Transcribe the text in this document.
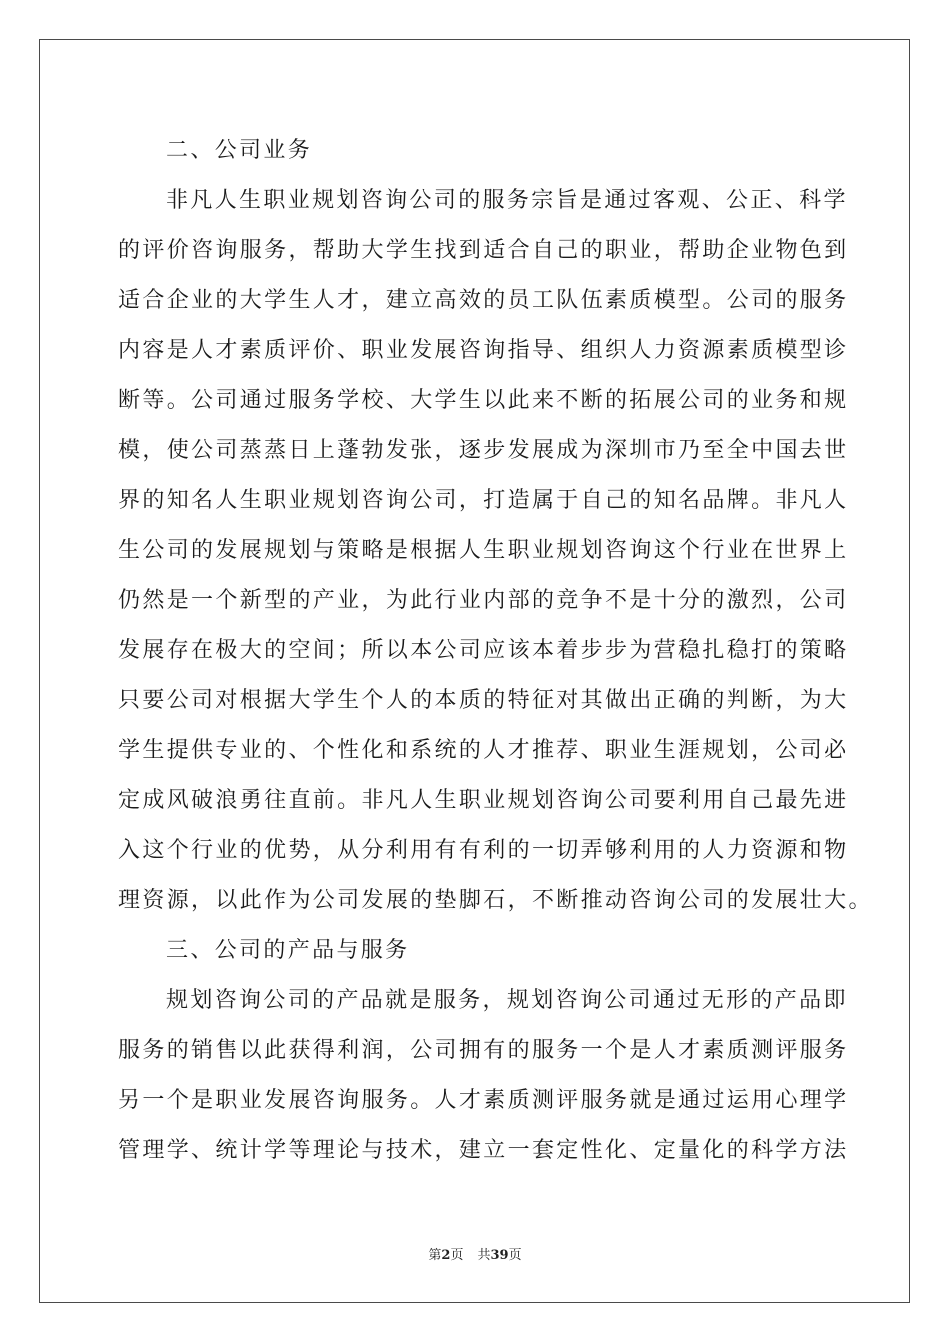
二、公司业务
非凡人生职业规划咨询公司的服务宗旨是通过客观、公正、科学
的评价咨询服务，帮助大学生找到适合自己的职业，帮助企业物色到
适合企业的大学生人才，建立高效的员工队伍素质模型。公司的服务
内容是人才素质评价、职业发展咨询指导、组织人力资源素质模型诊
断等。公司通过服务学校、大学生以此来不断的拓展公司的业务和规
模，使公司蒸蒸日上蓬勃发张，逐步发展成为深圳市乃至全中国去世
界的知名人生职业规划咨询公司，打造属于自己的知名品牌。非凡人
生公司的发展规划与策略是根据人生职业规划咨询这个行业在世界上
仍然是一个新型的产业，为此行业内部的竞争不是十分的激烈，公司
发展存在极大的空间；所以本公司应该本着步步为营稳扎稳打的策略
只要公司对根据大学生个人的本质的特征对其做出正确的判断，为大
学生提供专业的、个性化和系统的人才推荐、职业生涯规划，公司必
定成风破浪勇往直前。非凡人生职业规划咨询公司要利用自己最先进
入这个行业的优势，从分利用有有利的一切弄够利用的人力资源和物
理资源，以此作为公司发展的垫脚石，不断推动咨询公司的发展壮大。
三、公司的产品与服务
规划咨询公司的产品就是服务，规划咨询公司通过无形的产品即
服务的销售以此获得利润，公司拥有的服务一个是人才素质测评服务
另一个是职业发展咨询服务。人才素质测评服务就是通过运用心理学
管理学、统计学等理论与技术，建立一套定性化、定量化的科学方法
第2页 共39页
